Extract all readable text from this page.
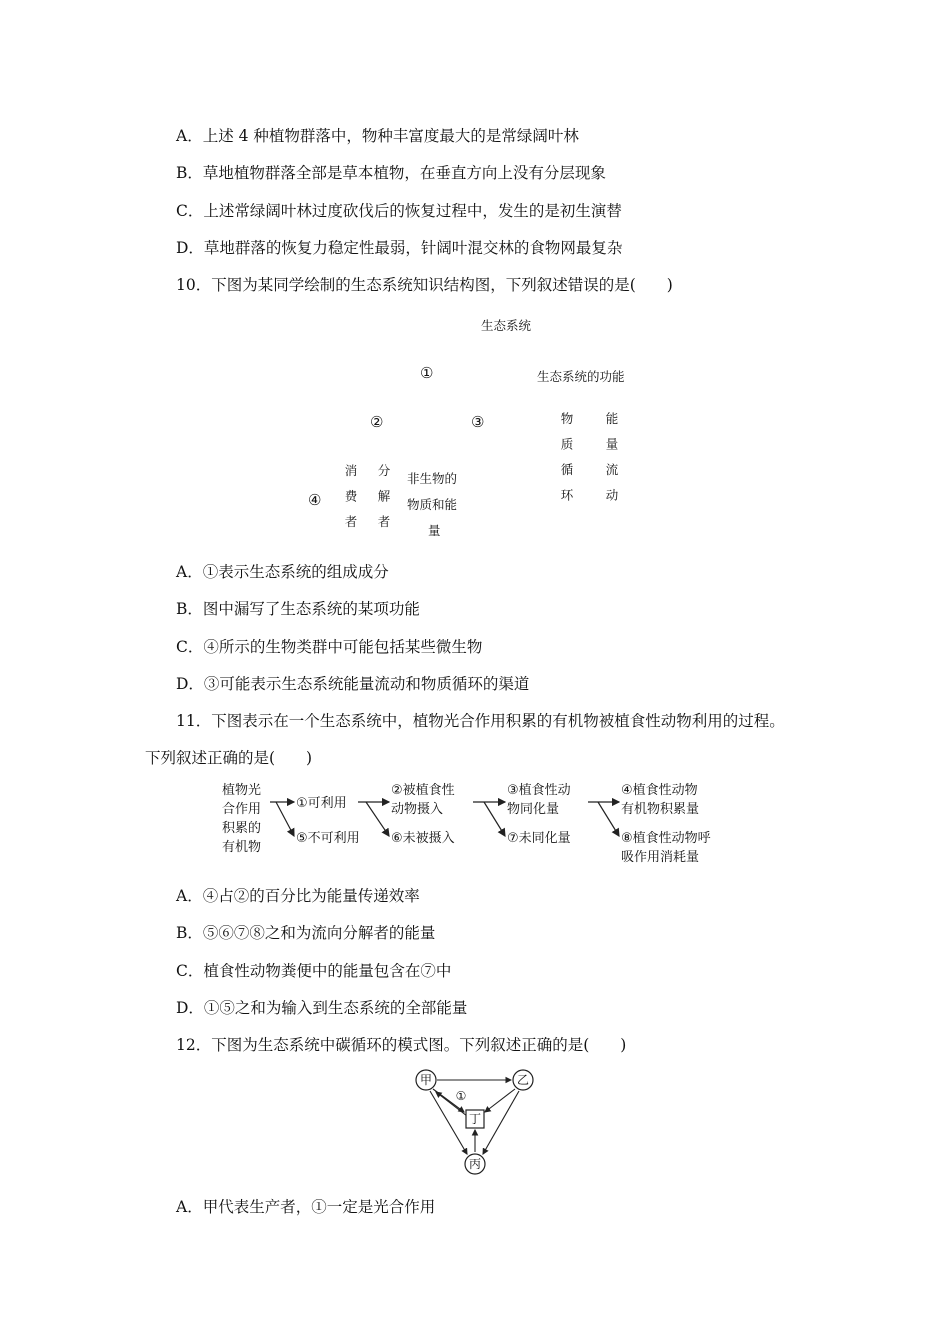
A．上述 4 种植物群落中，物种丰富度最大的是常绿阔叶林
B．草地植物群落全部是草本植物，在垂直方向上没有分层现象
C．上述常绿阔叶林过度砍伐后的恢复过程中，发生的是初生演替
D．草地群落的恢复力稳定性最弱，针阔叶混交林的食物网最复杂
10．下图为某同学绘制的生态系统知识结构图，下列叙述错误的是(　　)
生态系统
①	生态系统的功能
②	③
④ 消费者 分解者 非生物的
物质和能
量
物质循环 能量流动
A．①表示生态系统的组成成分
B．图中漏写了生态系统的某项功能
C．④所示的生物类群中可能包括某些微生物
D．③可能表示生态系统能量流动和物质循环的渠道
11．下图表示在一个生态系统中，植物光合作用积累的有机物被植食性动物利用的过程。
下列叙述正确的是(　　)
植物光
合作用
积累的
有机物
①可利用
⑤不可利用
②被植食性
动物摄入
⑥未被摄入
③植食性动
物同化量
⑦未同化量
④植食性动物
有机物积累量
⑧植食性动物呼
吸作用消耗量
A．④占②的百分比为能量传递效率
B．⑤⑥⑦⑧之和为流向分解者的能量
C．植食性动物粪便中的能量包含在⑦中
D．①⑤之和为输入到生态系统的全部能量
12．下图为生态系统中碳循环的模式图。下列叙述正确的是(　　)
甲	乙
丙
丁
①
A．甲代表生产者，①一定是光合作用
